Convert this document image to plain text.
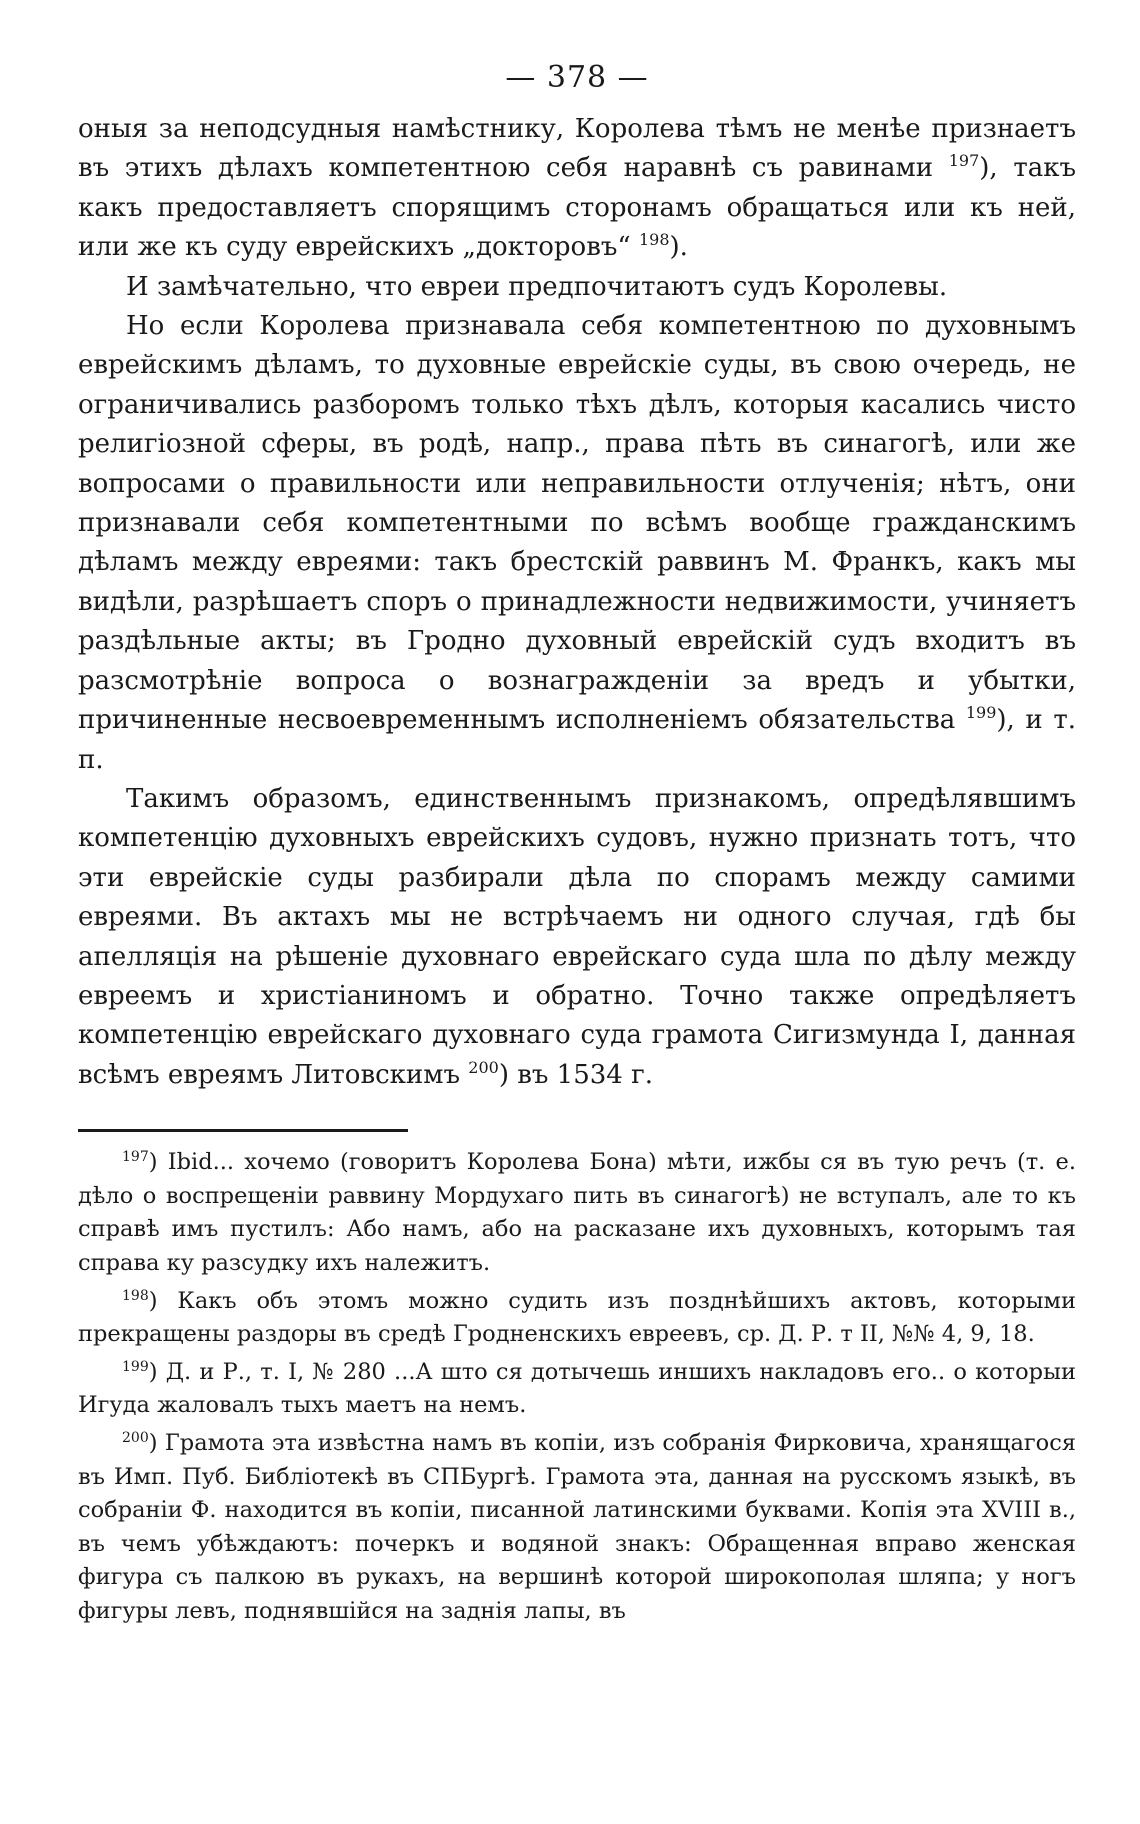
— 378 —

оныя за неподсудныя намѣстнику, Королева тѣмъ не менѣе признаетъ въ этихъ дѣлахъ компетентною себя наравнѣ съ равинами $^{197}$), такъ какъ предоставляетъ спорящимъ сторонамъ обращаться или къ ней, или же къ суду еврейскихъ „докторовъ“ $^{198}$).

И замѣчательно, что евреи предпочитаютъ судъ Королевы.

Но если Королева признавала себя компетентною по духовнымъ еврейскимъ дѣламъ, то духовные еврейскіе суды, въ свою очередь, не ограничивались разборомъ только тѣхъ дѣлъ, которыя касались чисто религіозной сферы, въ родѣ, напр., права пѣть въ синагогѣ, или же вопросами о правильности или неправильности отлученія; нѣтъ, они признавали себя компетентными по всѣмъ вообще гражданскимъ дѣламъ между евреями: такъ брестскій раввинъ М. Франкъ, какъ мы видѣли, разрѣшаетъ споръ о принадлежности недвижимости, учиняетъ раздѣльные акты; въ Гродно духовный еврейскій судъ входитъ въ разсмотрѣніе вопроса о вознагражденіи за вредъ и убытки, причиненные несвоевременнымъ исполненіемъ обязательства $^{199}$), и т. п.

Такимъ образомъ, единственнымъ признакомъ, опредѣлявшимъ компетенцію духовныхъ еврейскихъ судовъ, нужно признать тотъ, что эти еврейскіе суды разбирали дѣла по спорамъ между самими евреями. Въ актахъ мы не встрѣчаемъ ни одного случая, гдѣ бы апелляція на рѣшеніе духовнаго еврейскаго суда шла по дѣлу между евреемъ и христіаниномъ и обратно. Точно также опредѣляетъ компетенцію еврейскаго духовнаго суда грамота Сигизмунда I, данная всѣмъ евреямъ Литовскимъ $^{200}$) въ 1534 г.

$^{197}$) Ibid... хочемо (говоритъ Королева Бона) мѣти, ижбы ся въ тую речъ (т. е. дѣло о воспрещеніи раввину Мордухаго пить въ синагогѣ) не вступалъ, але то къ справѣ имъ пустилъ: Або намъ, або на расказане ихъ духовныхъ, которымъ тая справа ку разсудку ихъ належитъ.

$^{198}$) Какъ объ этомъ можно судить изъ позднѣйшихъ актовъ, которыми прекращены раздоры въ средѣ Гродненскихъ евреевъ, ср. Д. Р. т II, №№ 4, 9, 18.

$^{199}$) Д. и Р., т. I, № 280 ...А што ся дотычешь иншихъ накладовъ его.. о которыи Игуда жаловалъ тыхъ маетъ на немъ.

$^{200}$) Грамота эта извѣстна намъ въ копіи, изъ собранія Фирковича, хранящагося въ Имп. Пуб. Библіотекѣ въ СПБургѣ. Грамота эта, данная на русскомъ языкѣ, въ собраніи Ф. находится въ копіи, писанной латинскими буквами. Копія эта XVIII в., въ чемъ убѣждаютъ: почеркъ и водяной знакъ: Обращенная вправо женская фигура съ палкою въ рукахъ, на вершинѣ которой широкополая шляпа; у ногъ фигуры левъ, поднявшійся на заднія лапы, въ
